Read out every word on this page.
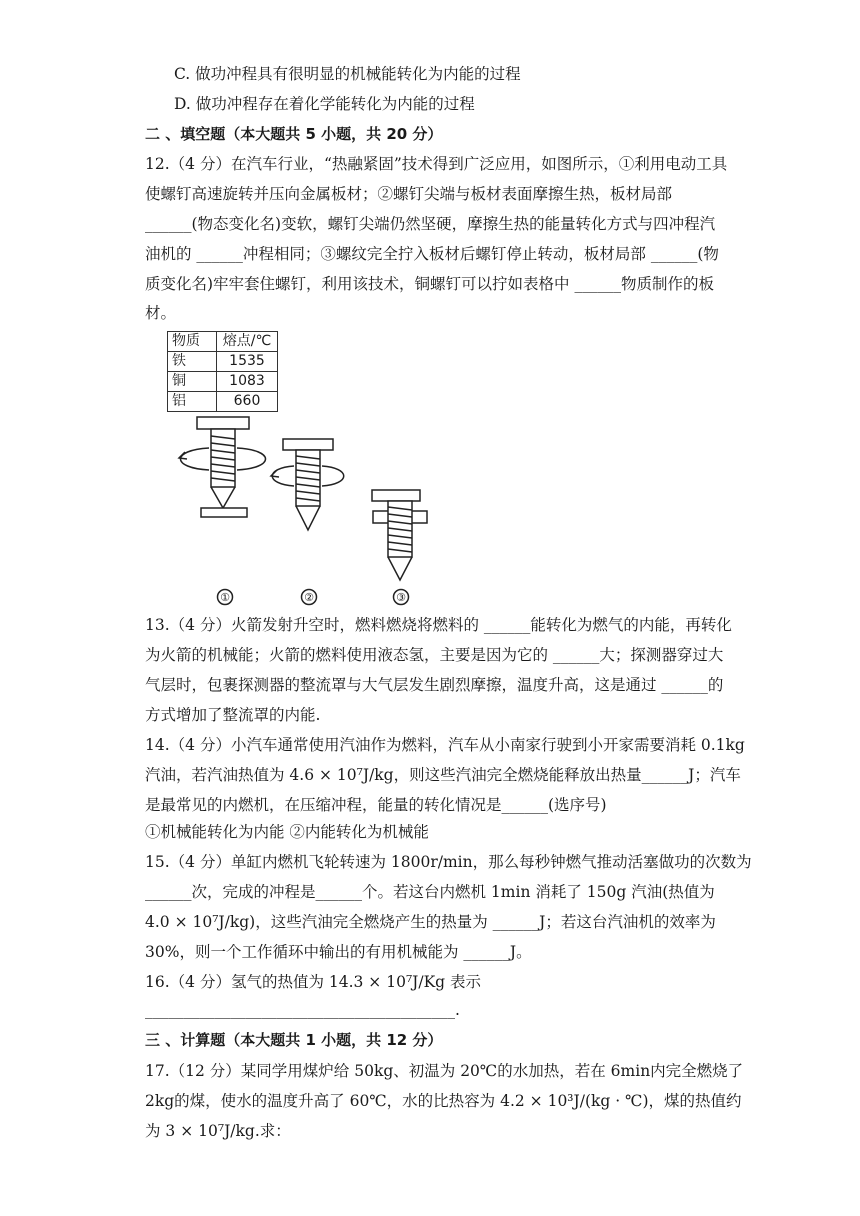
C. 做功冲程具有很明显的机械能转化为内能的过程
D. 做功冲程存在着化学能转化为内能的过程
二 、填空题（本大题共 5 小题，共 20 分）
12.（4 分）在汽车行业，“热融紧固”技术得到广泛应用，如图所示，①利用电动工具
使螺钉高速旋转并压向金属板材；②螺钉尖端与板材表面摩擦生热，板材局部
______(物态变化名)变软，螺钉尖端仍然坚硬，摩擦生热的能量转化方式与四冲程汽
油机的 ______冲程相同；③螺纹完全拧入板材后螺钉停止转动，板材局部 ______(物
质变化名)牢牢套住螺钉，利用该技术，铜螺钉可以拧如表格中 ______物质制作的板
材。
物质	熔点/℃
铁	1535
铜	1083
铝	660
①	②	③
13.（4 分）火箭发射升空时，燃料燃烧将燃料的 ______能转化为燃气的内能，再转化
为火箭的机械能；火箭的燃料使用液态氢，主要是因为它的 ______大；探测器穿过大
气层时，包裹探测器的整流罩与大气层发生剧烈摩擦，温度升高，这是通过 ______的
方式增加了整流罩的内能.
14.（4 分）小汽车通常使用汽油作为燃料，汽车从小南家行驶到小开家需要消耗 0.1kg
汽油，若汽油热值为 4.6 × 10⁷J/kg，则这些汽油完全燃烧能释放出热量______J；汽车
是最常见的内燃机，在压缩冲程，能量的转化情况是______(选序号)
①机械能转化为内能 ②内能转化为机械能
15.（4 分）单缸内燃机飞轮转速为 1800r/min，那么每秒钟燃气推动活塞做功的次数为
______次，完成的冲程是______个。若这台内燃机 1min 消耗了 150g 汽油(热值为
4.0 × 10⁷J/kg)，这些汽油完全燃烧产生的热量为 ______J；若这台汽油机的效率为
30%，则一个工作循环中输出的有用机械能为 ______J。
16.（4 分）氢气的热值为 14.3 × 10⁷J/Kg 表示
________________________________________.
三 、计算题（本大题共 1 小题，共 12 分）
17.（12 分）某同学用煤炉给 50kg、初温为 20℃的水加热，若在 6min内完全燃烧了
2kg的煤，使水的温度升高了 60℃，水的比热容为 4.2 × 10³J/(kg · ℃)，煤的热值约
为 3 × 10⁷J/kg.求：
